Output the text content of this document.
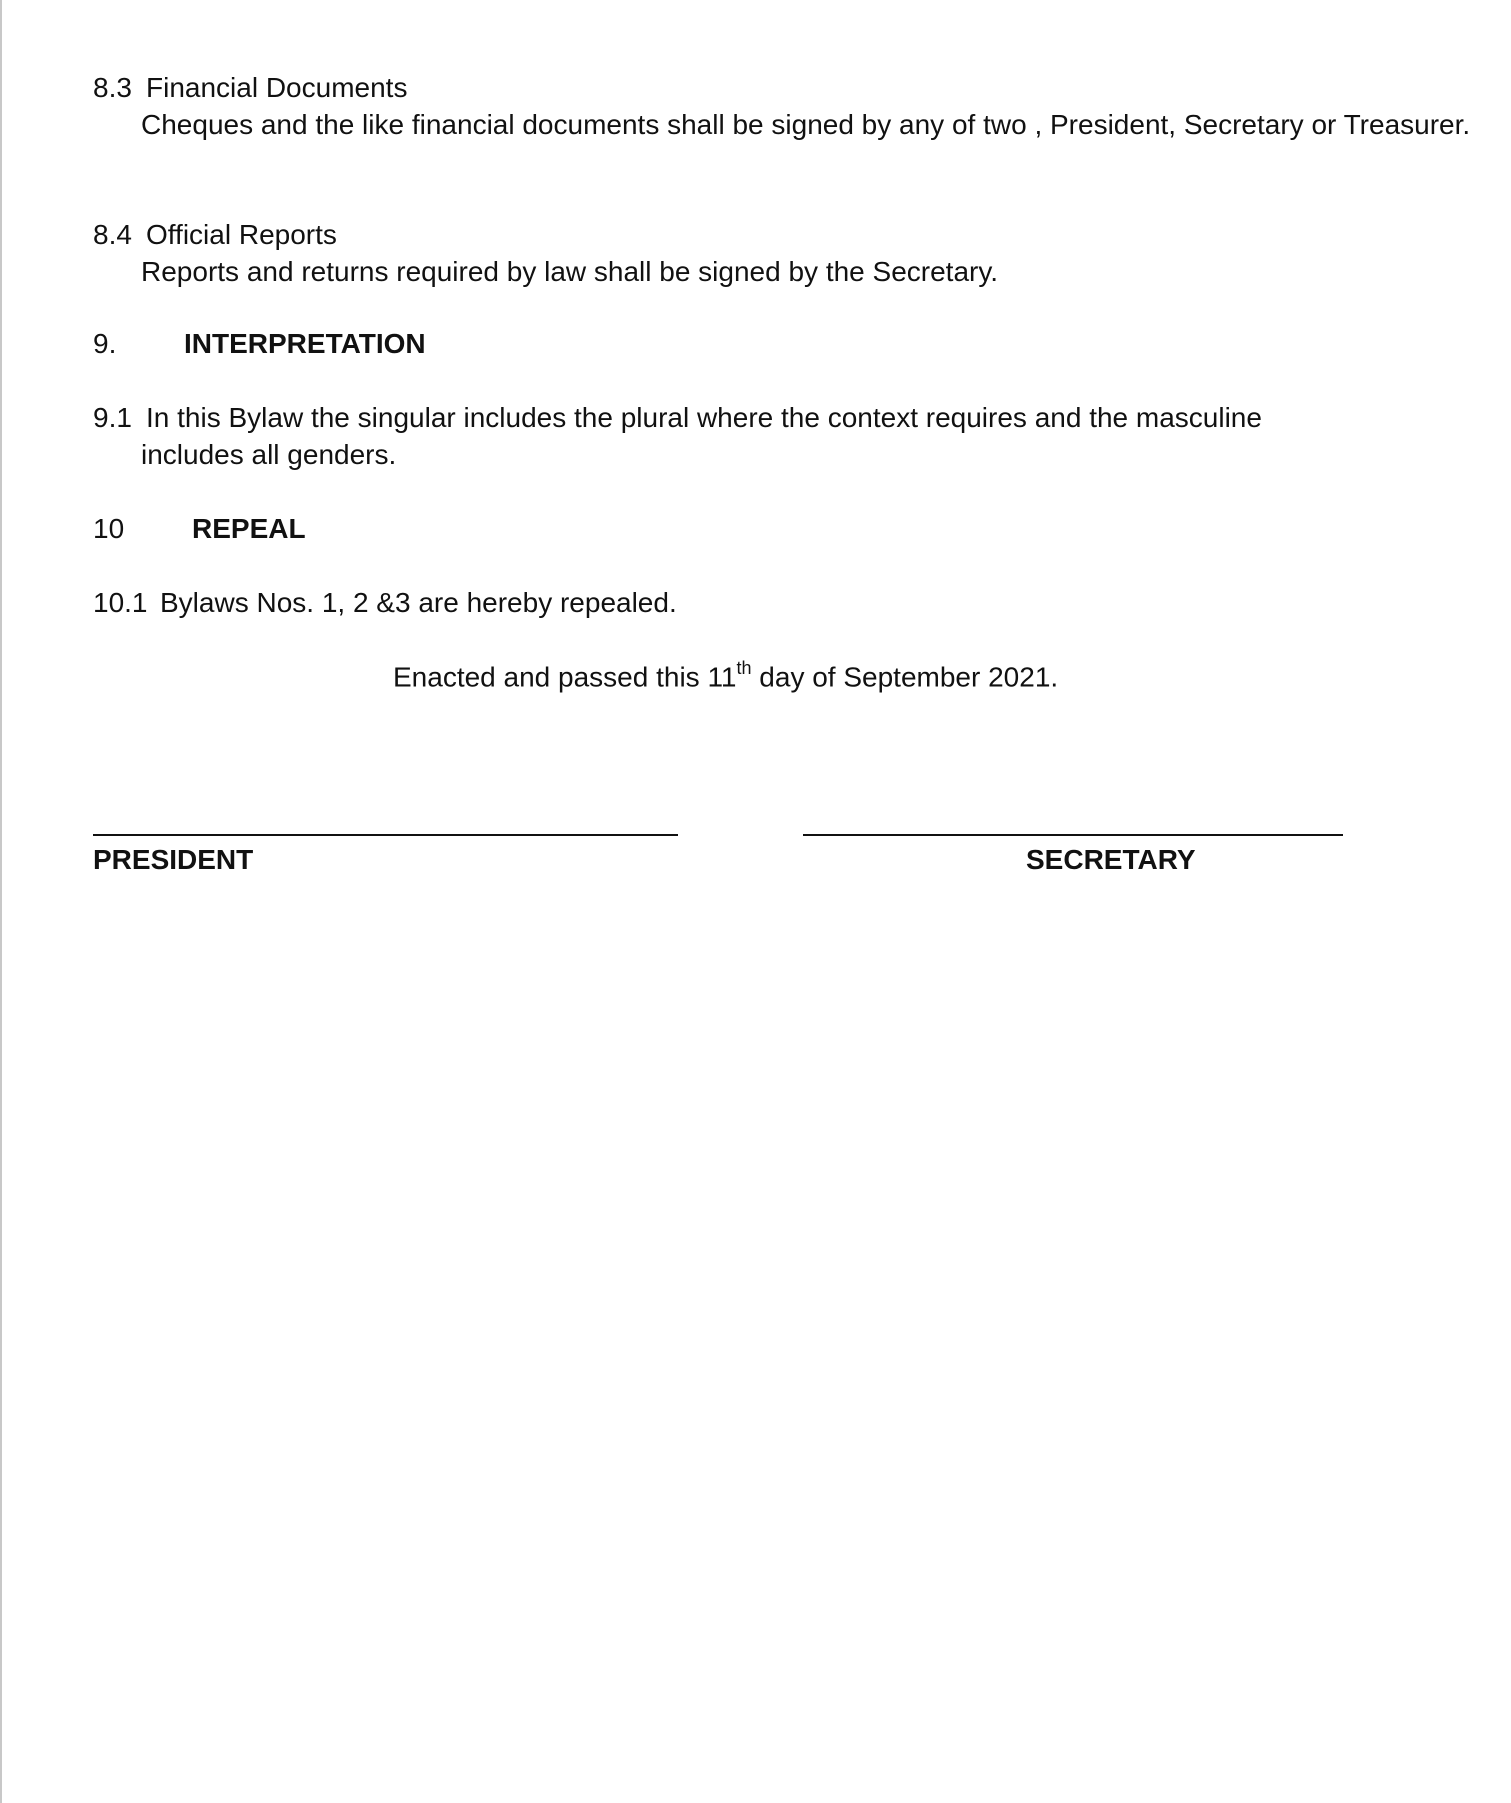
8.3 Financial Documents
Cheques and the like financial documents shall be signed by any of two , President, Secretary or Treasurer.
8.4 Official Reports
Reports and returns required by law shall be signed by the Secretary.
9. INTERPRETATION
9.1 In this Bylaw the singular includes the plural where the context requires and the masculine
includes all genders.
10 REPEAL
10.1 Bylaws Nos. 1, 2 &3 are hereby repealed.
Enacted and passed this 11th day of September 2021.
PRESIDENT	SECRETARY
